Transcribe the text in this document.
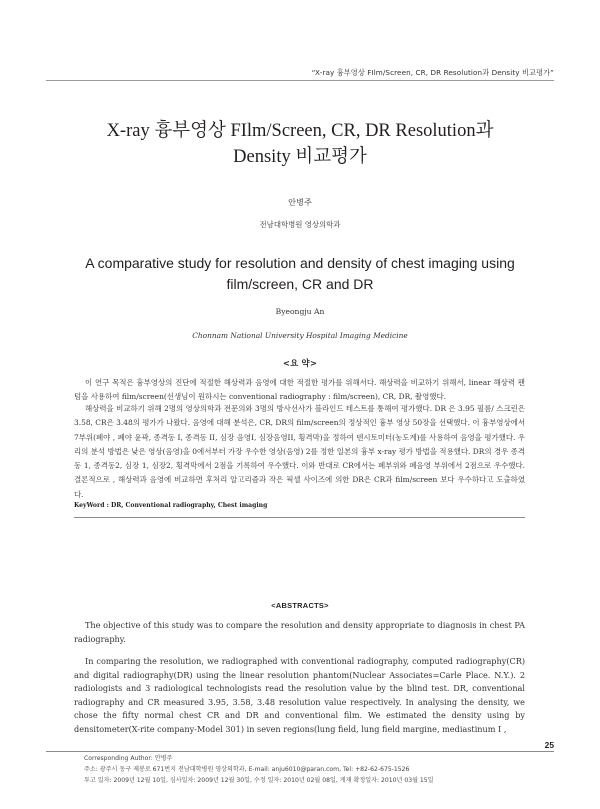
“X-ray 흉부영상 FIlm/Screen, CR, DR Resolution과 Density 비교평가”
X-ray 흉부영상 FIlm/Screen, CR, DR Resolution과
Density 비교평가
안병주
전남대학병원 영상의학과
A comparative study for resolution and density of chest imaging using
film/screen, CR and DR
Byeongju An
Chonnam National University Hospital Imaging Medicine
<요 약>

이 연구 목적은 흉부영상의 진단에 적절한 해상력과 음영에 대한 적절한 평가를 위해서다. 해상력을 비교하기 위해서, linear 해상력 팬텀을 사용하여 film/screen(선생님이 원하시는 conventional radiography : film/screen), CR, DR, 촬영했다.

해상력을 비교하기 위해 2명의 영상의학과 전문의와 3명의 방사선사가 블라인드 테스트를 통해여 평가했다. DR 은 3.95 필름/ 스크린은 3.58, CR은 3.48의 평가가 나왔다. 음영에 대해 분석은, CR, DR의 film/screen의 정상적인 흉부 영상 50장을 선택했다. 이 흉부영상에서 7부위(폐야 , 폐야 윤곽, 종격동 I, 종격동 II, 심장 음영I, 심장음영II, 횡격막)을 정하여 덴시토미터(농도계)를 사용하여 음영을 평가했다. 우리의 분석 방법은 낮은 영상(음영)을 0에서부터 가장 우수한 영상(음영) 2를 정한 일본의 흉부 x-ray 평가 방법을 적용했다. DR의 경우 종격동 1, 종격동2, 심장 1, 심장2, 횡격막에서 2점을 기록하여 우수했다. 이와 반대로 CR에서는 폐부위와 폐음영 부위에서 2점으로 우수했다. 결론적으로 , 해상력과 음영에 비교하면 후처리 알고리즘과 작은 픽셀 사이즈에 의한 DR은 CR과 film/screen 보다 우수하다고 도출하였다.

KeyWord : DR, Conventional radiography, Chest imaging
<ABSTRACTS>

The objective of this study was to compare the resolution and density appropriate to diagnosis in chest PA radiography.

In comparing the resolution, we radiographed with conventional radiography, computed radiography(CR) and digital radiography(DR) using the linear resolution phantom(Nuclear Associates=Carle Place. N.Y.). 2 radiologists and 3 radiological technologists read the resolution value by the blind test. DR, conventional radiography and CR measured 3.95, 3.58, 3.48 resolution value respectively. In analysing the density, we chose the fifty normal chest CR and DR and conventional film. We estimated the density using by densitometer(X-rite company-Model 301) in seven regions(lung field, lung field margine, mediastinum I ,

25
Corresponding Author: 안병주
주소: 광주시 동구 제봉로 671번지 전남대학병원 영상의학과, E-mail: anju6010@paran.com, Tel: +82-62-675-1526
투고 일자: 2009년 12월 10일, 심사일자: 2009년 12월 30일, 수정 일자: 2010년 02월 08일, 게재 확정일자: 2010년 03월 15일
